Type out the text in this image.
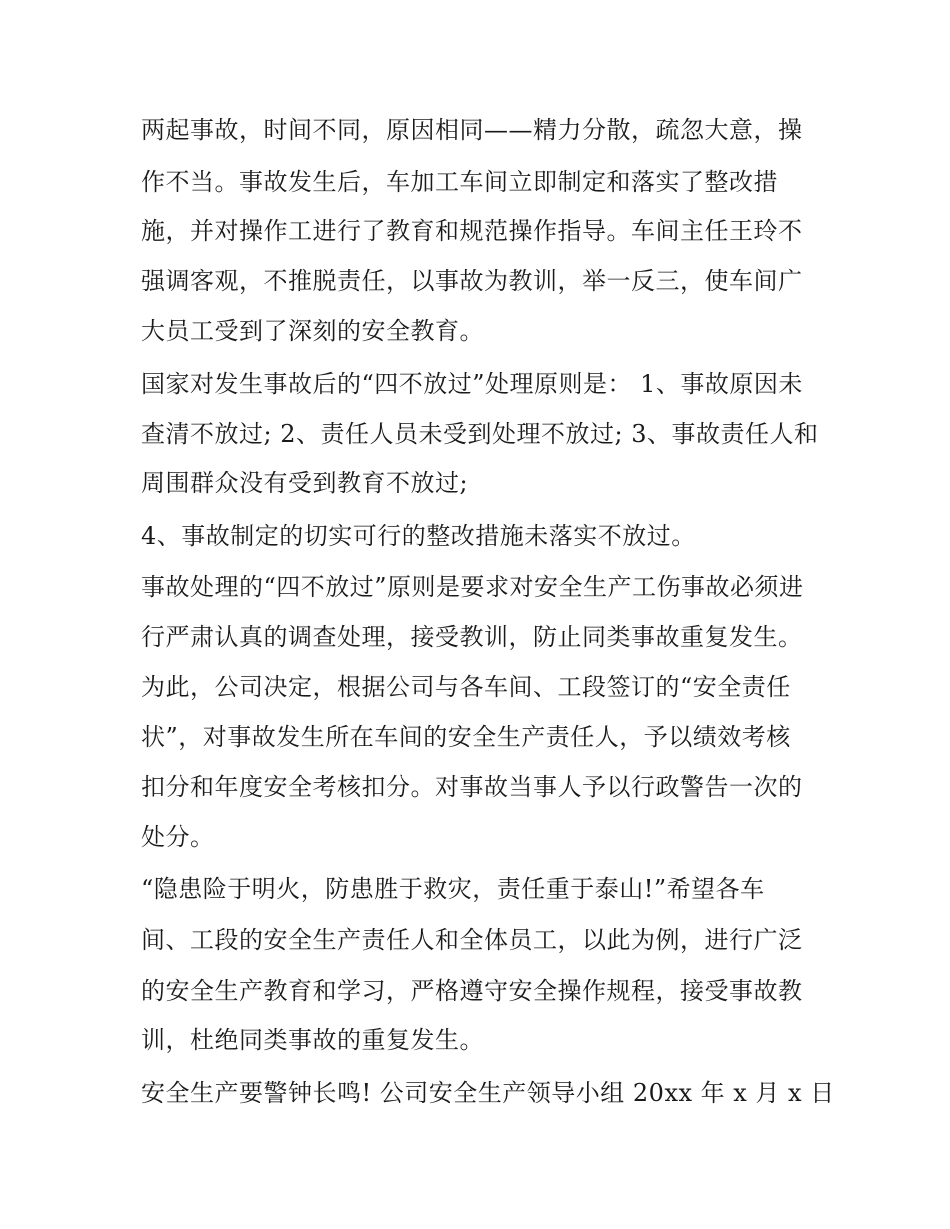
两起事故，时间不同，原因相同——精力分散，疏忽大意，操
作不当。事故发生后，车加工车间立即制定和落实了整改措
施，并对操作工进行了教育和规范操作指导。车间主任王玲不
强调客观，不推脱责任，以事故为教训，举一反三，使车间广
大员工受到了深刻的安全教育。
国家对发生事故后的“四不放过”处理原则是： 1、事故原因未
查清不放过; 2、责任人员未受到处理不放过; 3、事故责任人和
周围群众没有受到教育不放过;
4、事故制定的切实可行的整改措施未落实不放过。
事故处理的“四不放过”原则是要求对安全生产工伤事故必须进
行严肃认真的调查处理，接受教训，防止同类事故重复发生。
为此，公司决定，根据公司与各车间、工段签订的“安全责任
状”，对事故发生所在车间的安全生产责任人，予以绩效考核
扣分和年度安全考核扣分。对事故当事人予以行政警告一次的
处分。
“隐患险于明火，防患胜于救灾，责任重于泰山!”希望各车
间、工段的安全生产责任人和全体员工，以此为例，进行广泛
的安全生产教育和学习，严格遵守安全操作规程，接受事故教
训，杜绝同类事故的重复发生。
安全生产要警钟长鸣! 公司安全生产领导小组 20xx 年 x 月 x 日
